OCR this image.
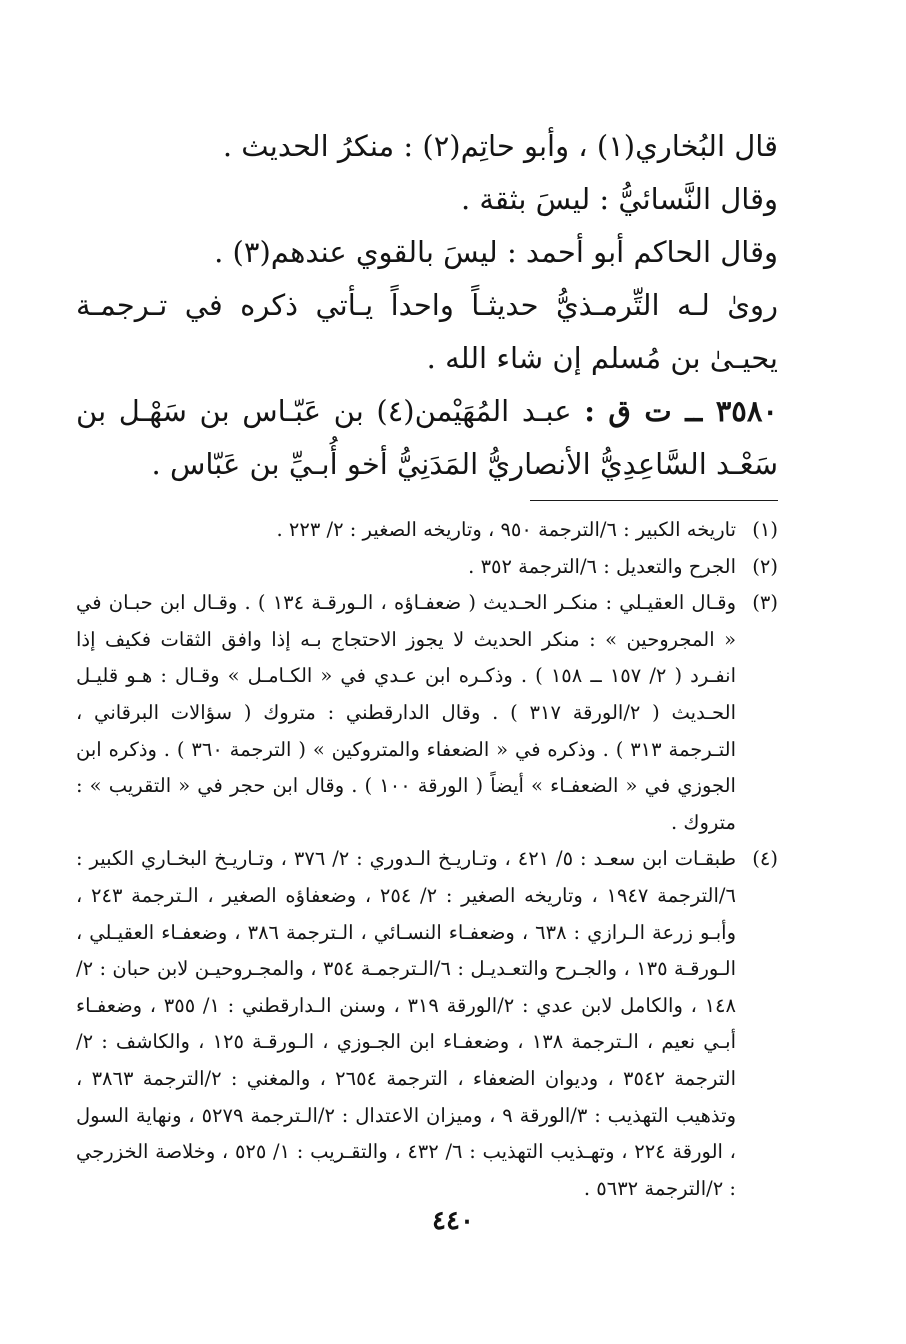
قال البُخاري(١) ، وأبو حاتِم(٢) : منكرُ الحديث .

وقال النَّسائيُّ : ليسَ بثقة .

وقال الحاكم أبو أحمد : ليسَ بالقوي عندهم(٣) .

روىٰ لـه التِّرمـذيُّ حديثـاً واحداً يـأتي ذكره في تـرجمـة يحيـىٰ بن مُسلم إن شاء الله .

٣٥٨٠ ــ ت ق : عبـد المُهَيْمن(٤) بن عَبّـاس بن سَهْـل بن سَعْـد السَّاعِدِيُّ الأنصاريُّ المَدَنِيُّ أخو أُبـيِّ بن عَبّاس .

(١)
تاريخه الكبير : ٦/الترجمة ٩٥٠ ، وتاريخه الصغير : ٢/ ٢٢٣ .
(٢)
الجرح والتعديل : ٦/الترجمة ٣٥٢ .
(٣)
وقـال العقيـلي : منكـر الحـديث ( ضعفـاؤه ، الـورقـة ١٣٤ ) . وقـال ابن حبـان في « المجروحين » : منكر الحديث لا يجوز الاحتجاج بـه إذا وافق الثقات فكيف إذا انفـرد ( ٢/ ١٥٧ ــ ١٥٨ ) . وذكـره ابن عـدي في « الكـامـل » وقـال : هـو قليـل الحـديث ( ٢/الورقة ٣١٧ ) . وقال الدارقطني : متروك ( سؤالات البرقاني ، التـرجمة ٣١٣ ) . وذكره في « الضعفاء والمتروكين » ( الترجمة ٣٦٠ ) . وذكره ابن الجوزي في « الضعفـاء » أيضاً ( الورقة ١٠٠ ) . وقال ابن حجر في « التقريب » : متروك .
(٤)
طبقـات ابن سعـد : ٥/ ٤٢١ ، وتـاريـخ الـدوري : ٢/ ٣٧٦ ، وتـاريـخ البخـاري الكبير : ٦/الترجمة ١٩٤٧ ، وتاريخه الصغير : ٢/ ٢٥٤ ، وضعفاؤه الصغير ، الـترجمة ٢٤٣ ، وأبـو زرعة الـرازي : ٦٣٨ ، وضعفـاء النسـائي ، الـترجمة ٣٨٦ ، وضعفـاء العقيـلي ، الـورقـة ١٣٥ ، والجـرح والتعـديـل : ٦/الـترجمـة ٣٥٤ ، والمجـروحيـن لابن حبان : ٢/ ١٤٨ ، والكامل لابن عدي : ٢/الورقة ٣١٩ ، وسنن الـدارقطني : ١/ ٣٥٥ ، وضعفـاء أبـي نعيم ، الـترجمة ١٣٨ ، وضعفـاء ابن الجـوزي ، الـورقـة ١٢٥ ، والكاشف : ٢/الترجمة ٣٥٤٢ ، وديوان الضعفاء ، الترجمة ٢٦٥٤ ، والمغني : ٢/الترجمة ٣٨٦٣ ، وتذهيب التهذيب : ٣/الورقة ٩ ، وميزان الاعتدال : ٢/الـترجمة ٥٢٧٩ ، ونهاية السول ، الورقة ٢٢٤ ، وتهـذيب التهذيب : ٦/ ٤٣٢ ، والتقـريب : ١/ ٥٢٥ ، وخلاصة الخزرجي : ٢/الترجمة ٥٦٣٢ .
٤٤٠
